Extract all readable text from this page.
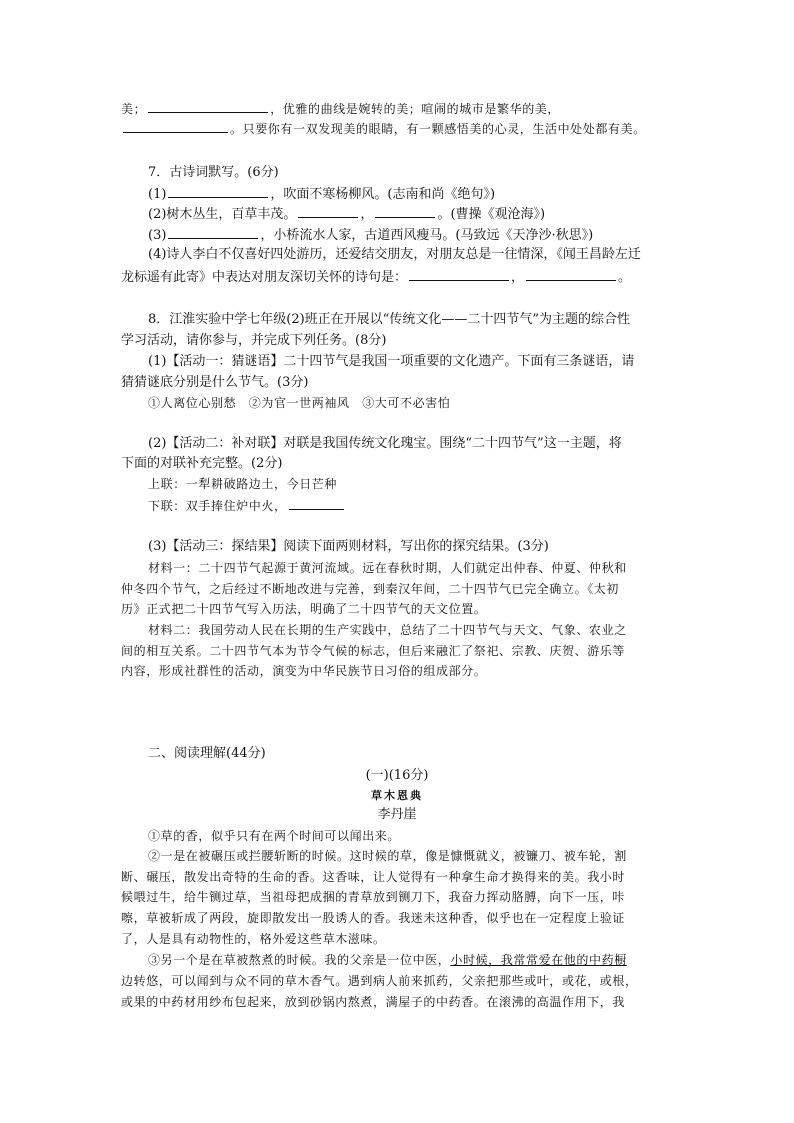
美；	，优雅的曲线是婉转的美；喧闹的城市是繁华的美，
。只要你有一双发现美的眼睛，有一颗感悟美的心灵，生活中处处都有美。
7．古诗词默写。(6分)
(1)	，吹面不寒杨柳风。(志南和尚《绝句》)
(2)树木丛生，百草丰茂。	，	。(曹操《观沧海》)
(3)	，小桥流水人家，古道西风瘦马。(马致远《天净沙·秋思》)
(4)诗人李白不仅喜好四处游历，还爱结交朋友，对朋友总是一往情深，《闻王昌龄左迁
龙标遥有此寄》中表达对朋友深切关怀的诗句是：	，	。
8．江淮实验中学七年级(2)班正在开展以“传统文化——二十四节气”为主题的综合性
学习活动，请你参与，并完成下列任务。(8分)
(1)【活动一：猜谜语】二十四节气是我国一项重要的文化遗产。下面有三条谜语，请
猜猜谜底分别是什么节气。(3分)
①人离位心别愁　②为官一世两袖风　③大可不必害怕
(2)【活动二：补对联】对联是我国传统文化瑰宝。围绕“二十四节气”这一主题，将
下面的对联补充完整。(2分)
上联：一犁耕破路边土，今日芒种
下联：双手捧住炉中火，
(3)【活动三：探结果】阅读下面两则材料，写出你的探究结果。(3分)
材料一：二十四节气起源于黄河流域。远在春秋时期，人们就定出仲春、仲夏、仲秋和
仲冬四个节气，之后经过不断地改进与完善，到秦汉年间，二十四节气已完全确立。《太初
历》正式把二十四节气写入历法，明确了二十四节气的天文位置。
材料二：我国劳动人民在长期的生产实践中，总结了二十四节气与天文、气象、农业之
间的相互关系。二十四节气本为节令气候的标志，但后来融汇了祭祀、宗教、庆贺、游乐等
内容，形成社群性的活动，演变为中华民族节日习俗的组成部分。
二、阅读理解(44分)
(一)(16分)
草木恩典
李丹崖
①草的香，似乎只有在两个时间可以闻出来。
②一是在被碾压或拦腰斩断的时候。这时候的草，像是慷慨就义，被镰刀、被车轮，割
断、碾压，散发出奇特的生命的香。这香味，让人觉得有一种拿生命才换得来的美。我小时
候喂过牛，给牛铡过草，当祖母把成捆的青草放到铡刀下，我奋力挥动胳膊，向下一压，咔
嚓，草被斩成了两段，旋即散发出一股诱人的香。我迷未这种香，似乎也在一定程度上验证
了，人是具有动物性的，格外爱这些草木滋味。
③另一个是在草被熬煮的时候。我的父亲是一位中医，小时候，我常常爱在他的中药橱
边转悠，可以闻到与众不同的草木香气。遇到病人前来抓药，父亲把那些或叶，或花，或根，
或果的中药材用纱布包起来，放到砂锅内熬煮，满屋子的中药香。在滚沸的高温作用下，我
